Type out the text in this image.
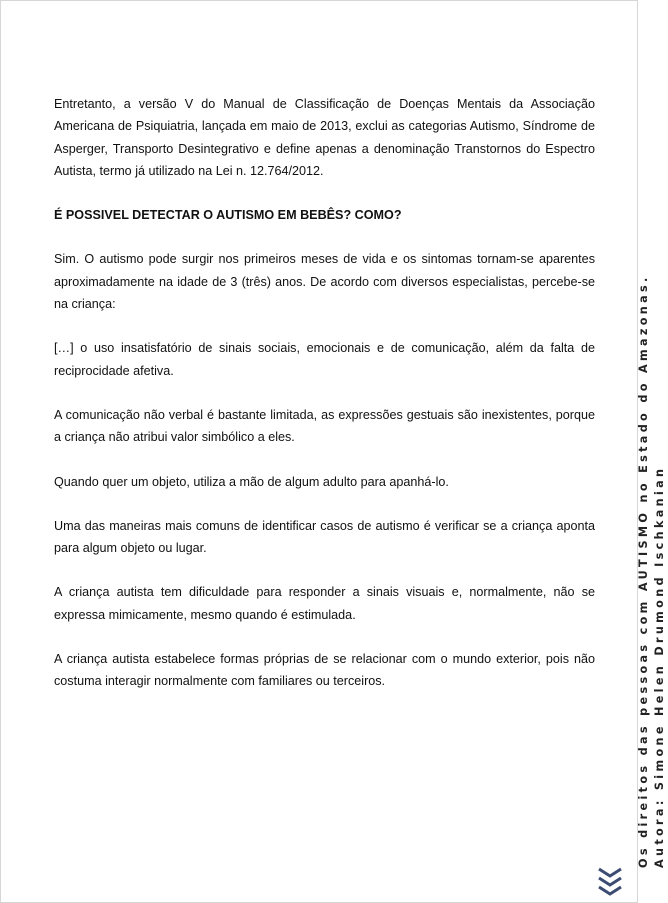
Entretanto, a versão V do Manual de Classificação de Doenças Mentais da Associação Americana de Psiquiatria, lançada em maio de 2013, exclui as categorias Autismo, Síndrome de Asperger, Transporto Desintegrativo e define apenas a denominação Transtornos do Espectro Autista, termo já utilizado na Lei n. 12.764/2012.

É POSSIVEL DETECTAR O AUTISMO EM BEBÊS? COMO?

Sim. O autismo pode surgir nos primeiros meses de vida e os sintomas tornam-se aparentes aproximadamente na idade de 3 (três) anos. De acordo com diversos especialistas, percebe-se na criança:

[…] o uso insatisfatório de sinais sociais, emocionais e de comunicação, além da falta de reciprocidade afetiva.

A comunicação não verbal é bastante limitada, as expressões gestuais são inexistentes, porque a criança não atribui valor simbólico a eles.

Quando quer um objeto, utiliza a mão de algum adulto para apanhá-lo.

Uma das maneiras mais comuns de identificar casos de autismo é verificar se a criança aponta para algum objeto ou lugar.

A criança autista tem dificuldade para responder a sinais visuais e, normalmente, não se expressa mimicamente, mesmo quando é estimulada.

A criança autista estabelece formas próprias de se relacionar com o mundo exterior, pois não costuma interagir normalmente com familiares ou terceiros.	Os direitos das pessoas com AUTISMO no Estado do Amazonas. Autora: Simone Helen Drumond Ischkanian
